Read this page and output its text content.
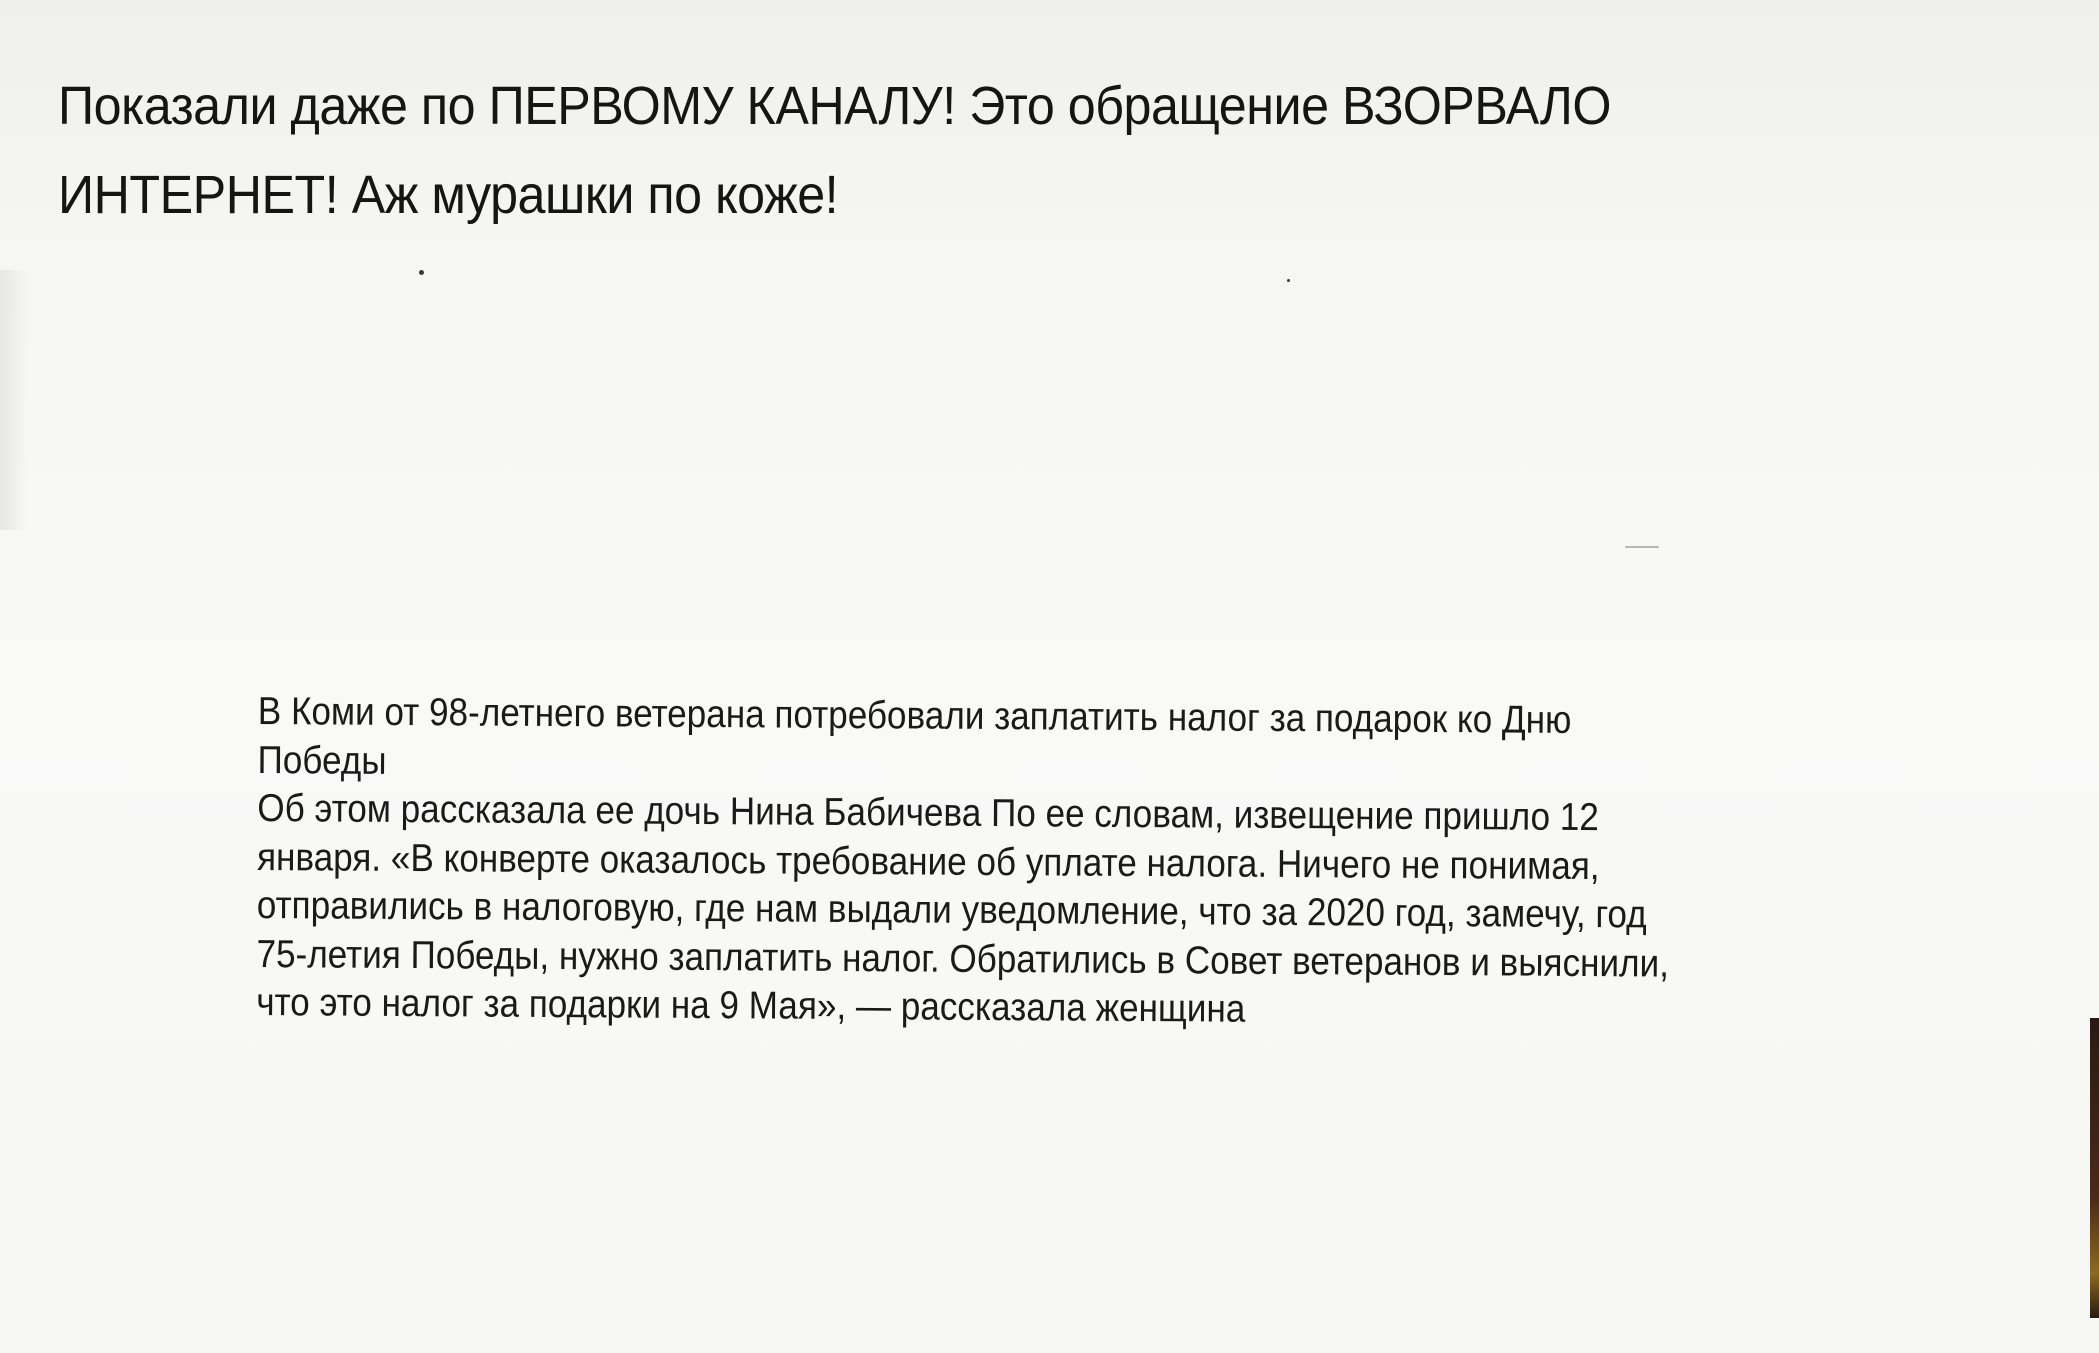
Показали даже по ПЕРВОМУ КАНАЛУ! Это обращение ВЗОРВАЛО
ИНТЕРНЕТ! Аж мурашки по коже!
В Коми от 98-летнего ветерана потребовали заплатить налог за подарок ко Дню
Победы
Об этом рассказала ее дочь Нина Бабичева По ее словам, извещение пришло 12
января. «В конверте оказалось требование об уплате налога. Ничего не понимая,
отправились в налоговую, где нам выдали уведомление, что за 2020 год, замечу, год
75-летия Победы, нужно заплатить налог. Обратились в Совет ветеранов и выяснили,
что это налог за подарки на 9 Мая», — рассказала женщина
